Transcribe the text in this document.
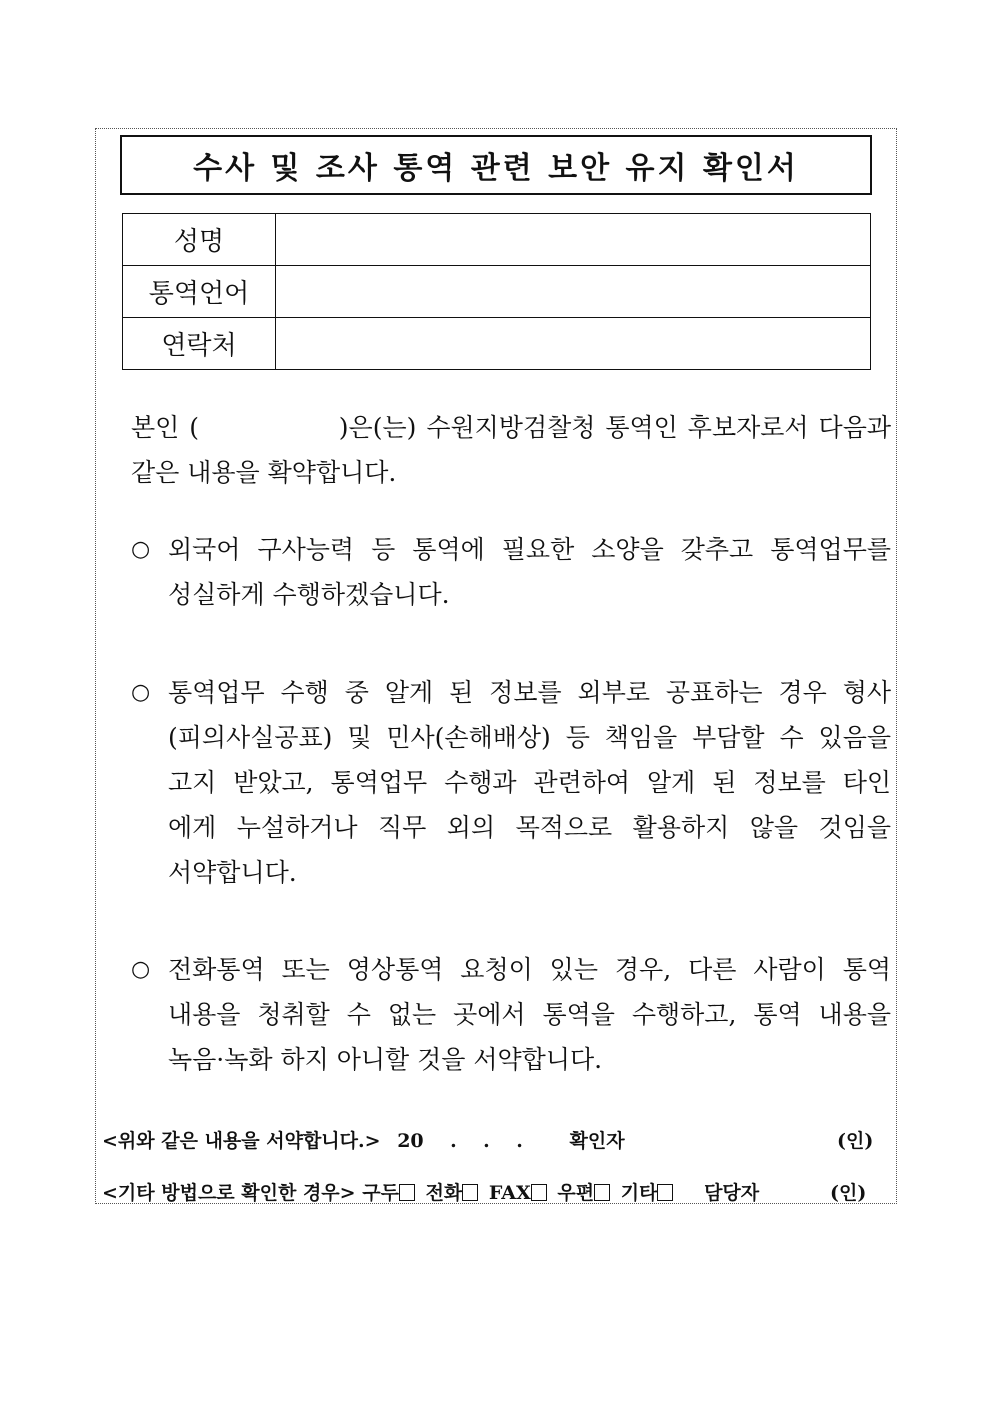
수사 및 조사 통역 관련 보안 유지 확인서
성명	
통역언어	
연락처	
본인 (              )은(는) 수원지방검찰청 통역인 후보자로서 다음과
같은 내용을 확약합니다.
○ 외국어 구사능력 등 통역에 필요한 소양을 갖추고 통역업무를
성실하게 수행하겠습니다.
○ 통역업무 수행 중 알게 된 정보를 외부로 공표하는 경우 형사
(피의사실공표) 및 민사(손해배상) 등 책임을 부담할 수 있음을
고지 받았고, 통역업무 수행과 관련하여 알게 된 정보를 타인
에게 누설하거나 직무 외의 목적으로 활용하지 않을 것임을
서약합니다.
○ 전화통역 또는 영상통역 요청이 있는 경우, 다른 사람이 통역
내용을 청취할 수 없는 곳에서 통역을 수행하고, 통역 내용을
녹음·녹화 하지 아니할 것을 서약합니다.
<위와 같은 내용을 서약합니다.> 20    .    .    . 확인자	(인)
<기타 방법으로 확인한 경우> 구두 전화 FAX 우편 기타 담당자	(인)
